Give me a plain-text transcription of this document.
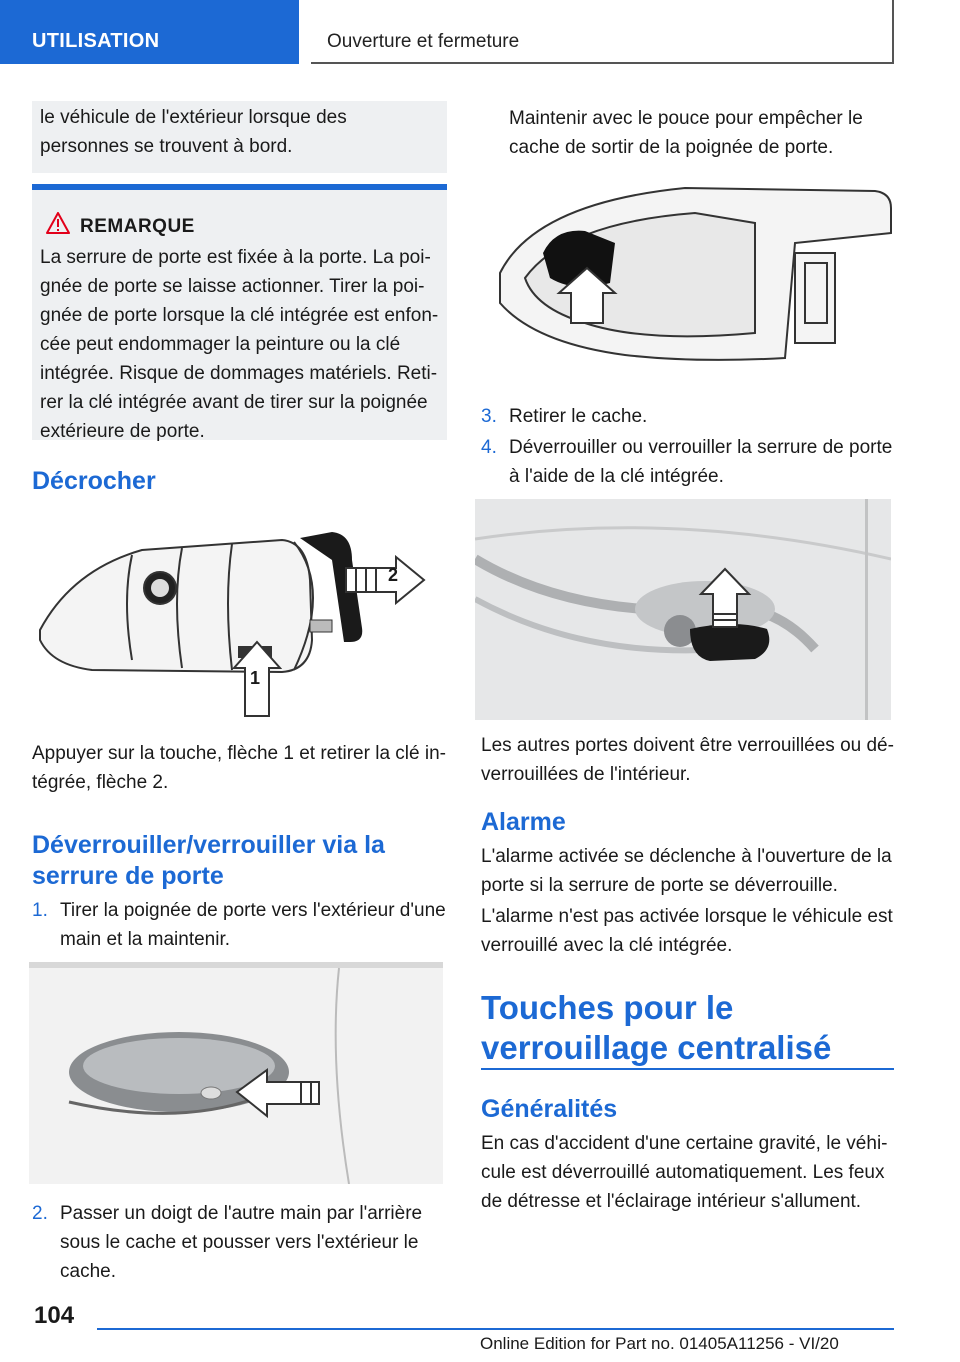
UTILISATION	Ouverture et fermeture
le véhicule de l'extérieur lorsque des personnes se trouvent à bord.
REMARQUE
La serrure de porte est fixée à la porte. La poignée de porte se laisse actionner. Tirer la poignée de porte lorsque la clé intégrée est enfoncée peut endommager la peinture ou la clé intégrée. Risque de dommages matériels. Retirer la clé intégrée avant de tirer sur la poignée extérieure de porte.
Décrocher
2
1
Appuyer sur la touche, flèche 1 et retirer la clé intégrée, flèche 2.
Déverrouiller/verrouiller via la serrure de porte
1. Tirer la poignée de porte vers l'extérieur d'une main et la maintenir.
2. Passer un doigt de l'autre main par l'arrière sous le cache et pousser vers l'extérieur le cache.
Maintenir avec le pouce pour empêcher le cache de sortir de la poignée de porte.
3. Retirer le cache.
4. Déverrouiller ou verrouiller la serrure de porte à l'aide de la clé intégrée.
Les autres portes doivent être verrouillées ou déverrouillées de l'intérieur.
Alarme
L'alarme activée se déclenche à l'ouverture de la porte si la serrure de porte se déverrouille.
L'alarme n'est pas activée lorsque le véhicule est verrouillé avec la clé intégrée.
Touches pour le verrouillage centralisé
Généralités
En cas d'accident d'une certaine gravité, le véhicule est déverrouillé automatiquement. Les feux de détresse et l'éclairage intérieur s'allument.
104
Online Edition for Part no. 01405A11256 - VI/20
